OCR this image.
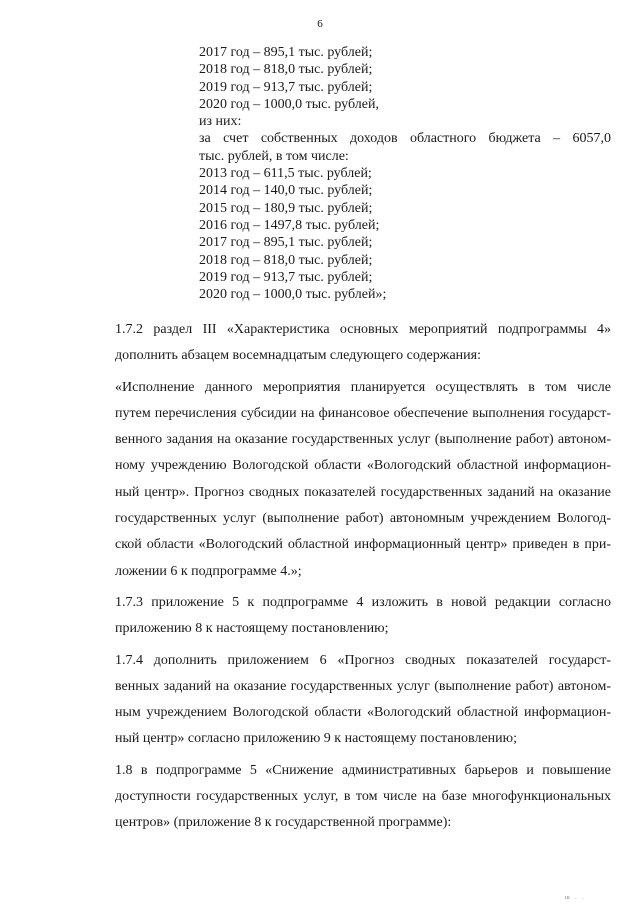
6
2017 год – 895,1 тыс. рублей;
2018 год – 818,0 тыс. рублей;
2019 год – 913,7 тыс. рублей;
2020 год – 1000,0 тыс. рублей,
из них:
за счет собственных доходов областного бюджета – 6057,0
тыс. рублей, в том числе:
2013 год – 611,5 тыс. рублей;
2014 год – 140,0 тыс. рублей;
2015 год – 180,9 тыс. рублей;
2016 год – 1497,8 тыс. рублей;
2017 год – 895,1 тыс. рублей;
2018 год – 818,0 тыс. рублей;
2019 год – 913,7 тыс. рублей;
2020 год – 1000,0 тыс. рублей»;
1.7.2 раздел III «Характеристика основных мероприятий подпрограммы 4»
дополнить абзацем восемнадцатым следующего содержания:
«Исполнение данного мероприятия планируется осуществлять в том числе
путем перечисления субсидии на финансовое обеспечение выполнения государст-
венного задания на оказание государственных услуг (выполнение работ) автоном-
ному учреждению Вологодской области «Вологодский областной информацион-
ный центр». Прогноз сводных показателей государственных заданий на оказание
государственных услуг (выполнение работ) автономным учреждением Вологод-
ской области «Вологодский областной информационный центр» приведен в при-
ложении 6 к подпрограмме 4.»;
1.7.3 приложение 5 к подпрограмме 4 изложить в новой редакции согласно
приложению 8 к настоящему постановлению;
1.7.4 дополнить приложением 6 «Прогноз сводных показателей государст-
венных заданий на оказание государственных услуг (выполнение работ) автоном-
ным учреждением Вологодской области «Вологодский областной информацион-
ный центр» согласно приложению 9 к настоящему постановлению;
1.8 в подпрограмме 5 «Снижение административных барьеров и повышение
доступности государственных услуг, в том числе на базе многофункциональных
центров» (приложение 8 к государственной программе):
ш . .
